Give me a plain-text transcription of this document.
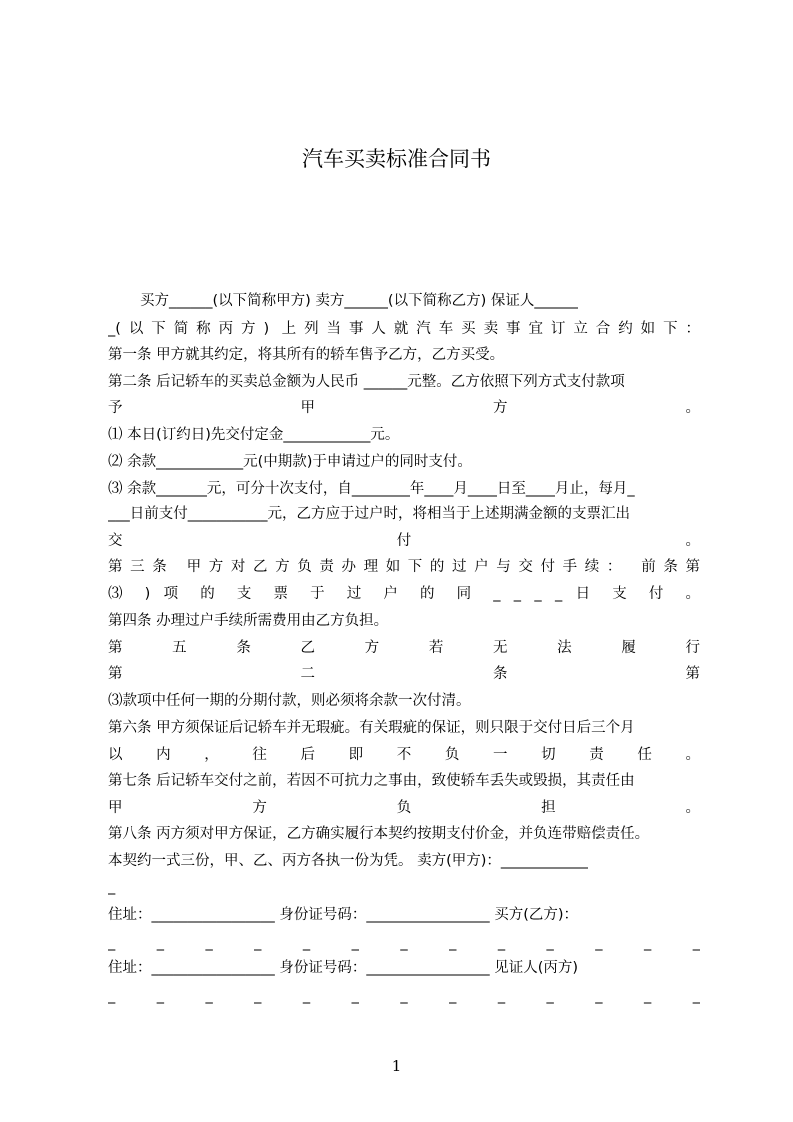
汽车买卖标准合同书
买方______(以下简称甲方) 卖方______(以下简称乙方) 保证人______
_(以下简称丙方) 上列当事人就汽车买卖事宜订立合约如下：
第一条 甲方就其约定，将其所有的轿车售予乙方，乙方买受。
第二条 后记轿车的买卖总金额为人民币 ______元整。乙方依照下列方式支付款项
予 甲 方 。
⑴ 本日(订约日)先交付定金____________元。
⑵ 余款____________元(中期款)于申请过户的同时支付。
⑶ 余款_______元，可分十次支付，自________年____月____日至____月止，每月_
___日前支付___________元，乙方应于过户时，将相当于上述期满金额的支票汇出
交 付 。
第三条 甲方对乙方负责办理如下的过户与交付手续： 前条第
⑶ ) 项 的 支 票 于 过 户 的 同 _ _ _ _ 日 支 付 。
第四条 办理过户手续所需费用由乙方负担。
第 五 条 乙 方 若 无 法 履 行
第 二 条 第
⑶款项中任何一期的分期付款，则必须将余款一次付清。
第六条 甲方须保证后记轿车并无瑕疵。有关瑕疵的保证，则只限于交付日后三个月
以 内 ， 往 后 即 不 负 一 切 责 任 。
第七条 后记轿车交付之前，若因不可抗力之事由，致使轿车丢失或毁损，其责任由
甲 方 负 担 。
第八条 丙方须对甲方保证，乙方确实履行本契约按期支付价金，并负连带赔偿责任。
本契约一式三份，甲、乙、丙方各执一份为凭。 卖方(甲方)：____________
_
住址：_________________ 身份证号码：_________________ 买方(乙方)：
_ _ _ _ _ _ _ _ _ _ _ _ _
住址：_________________ 身份证号码：_________________ 见证人(丙方)
_ _ _ _ _ _ _ _ _ _ _ _ _
1
